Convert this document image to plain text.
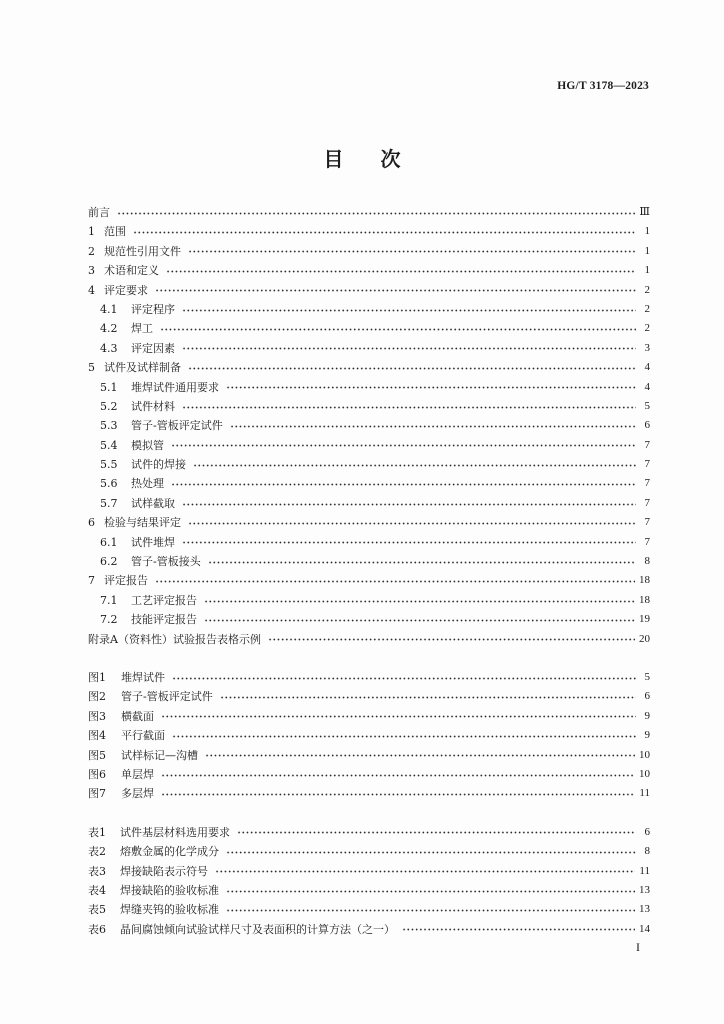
HG/T 3178—2023
目 次
前言	Ⅲ
1 范围	1
2 规范性引用文件	1
3 术语和定义	1
4 评定要求	2
4.1	评定程序	2
4.2	焊工	2
4.3	评定因素	3
5 试件及试样制备	4
5.1	堆焊试件通用要求	4
5.2	试件材料	5
5.3	管子-管板评定试件	6
5.4	模拟管	7
5.5	试件的焊接	7
5.6	热处理	7
5.7	试样截取	7
6 检验与结果评定	7
6.1	试件堆焊	7
6.2	管子-管板接头	8
7 评定报告	18
7.1	工艺评定报告	18
7.2	技能评定报告	19
附录A（资料性）试验报告表格示例	20
图1	堆焊试件	5
图2	管子-管板评定试件	6
图3	横截面	9
图4	平行截面	9
图5	试样标记—沟槽	10
图6	单层焊	10
图7	多层焊	11
表1	试件基层材料选用要求	6
表2	熔敷金属的化学成分	8
表3	焊接缺陷表示符号	11
表4	焊接缺陷的验收标准	13
表5	焊缝夹钨的验收标准	13
表6	晶间腐蚀倾向试验试样尺寸及表面积的计算方法（之一）	14
I
